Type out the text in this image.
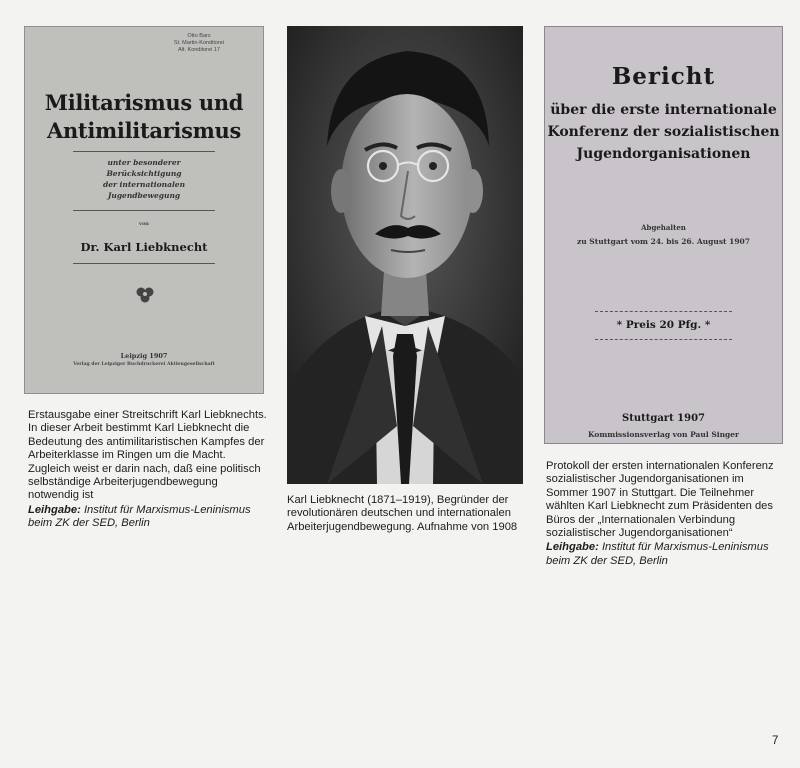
Otto Bars
St. Martin-Konditorei
Alt. Konditorei 17
Militarismus und
Antimilitarismus
unter besonderer
Berücksichtigung
der internationalen
Jugendbewegung
von
Dr. Karl Liebknecht
Leipzig 1907
Verlag der Leipziger Buchdruckerei Aktiengesellschaft
Bericht
über die erste internationale
Konferenz der sozialistischen
Jugendorganisationen
Abgehalten
zu Stuttgart vom 24. bis 26. August 1907
* Preis 20 Pfg. *
Stuttgart 1907
Kommissionsverlag von Paul Singer

Erstausgabe einer Streitschrift Karl Liebknechts. In dieser Arbeit bestimmt Karl Liebknecht die Bedeutung des antimilitaristischen Kampfes der Arbeiterklasse im Ringen um die Macht. Zugleich weist er darin nach, daß eine politisch selbständige Arbeiterjugendbewegung notwendig ist

Leihgabe: Institut für Marxismus-Leninismus beim ZK der SED, Berlin

Karl Liebknecht (1871–1919), Begründer der revolutionären deutschen und internationalen Arbeiterjugendbewegung. Aufnahme von 1908

Protokoll der ersten internationalen Konferenz sozialistischer Jugendorganisationen im Sommer 1907 in Stuttgart. Die Teilnehmer wählten Karl Liebknecht zum Präsidenten des Büros der „Internationalen Verbindung sozialistischer Jugendorganisationen“

Leihgabe: Institut für Marxismus-Leninismus beim ZK der SED, Berlin

7
